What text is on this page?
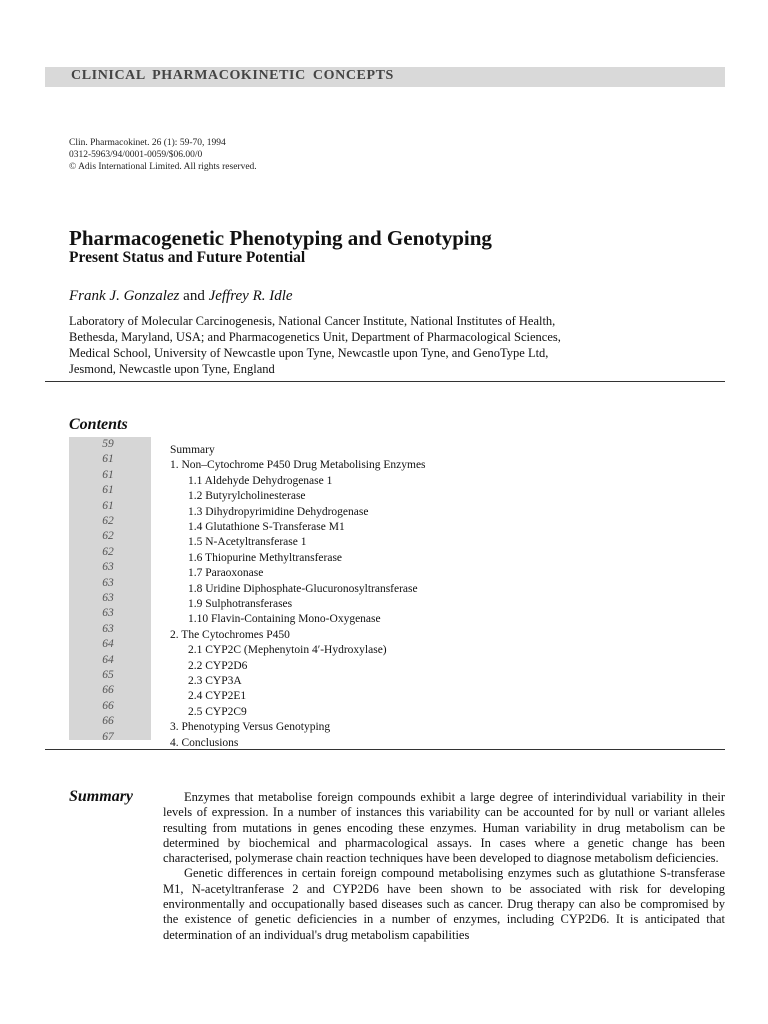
CLINICAL PHARMACOKINETIC CONCEPTS
Clin. Pharmacokinet. 26 (1): 59-70, 1994
0312-5963/94/0001-0059/$06.00/0
© Adis International Limited. All rights reserved.
Pharmacogenetic Phenotyping and Genotyping
Present Status and Future Potential
Frank J. Gonzalez and Jeffrey R. Idle
Laboratory of Molecular Carcinogenesis, National Cancer Institute, National Institutes of Health,
Bethesda, Maryland, USA; and Pharmacogenetics Unit, Department of Pharmacological Sciences,
Medical School, University of Newcastle upon Tyne, Newcastle upon Tyne, and GenoType Ltd,
Jesmond, Newcastle upon Tyne, England
Contents
59
61
61
61
61
62
62
62
63
63
63
63
63
64
64
65
66
66
66
67
Summary
1. Non–Cytochrome P450 Drug Metabolising Enzymes
1.1 Aldehyde Dehydrogenase 1
1.2 Butyrylcholinesterase
1.3 Dihydropyrimidine Dehydrogenase
1.4 Glutathione S-Transferase M1
1.5 N-Acetyltransferase 1
1.6 Thiopurine Methyltransferase
1.7 Paraoxonase
1.8 Uridine Diphosphate-Glucuronosyltransferase
1.9 Sulphotransferases
1.10 Flavin-Containing Mono-Oxygenase
2. The Cytochromes P450
2.1 CYP2C (Mephenytoin 4′-Hydroxylase)
2.2 CYP2D6
2.3 CYP3A
2.4 CYP2E1
2.5 CYP2C9
3. Phenotyping Versus Genotyping
4. Conclusions
Summary	Enzymes that metabolise foreign compounds exhibit a large degree of interindividual variability in their levels of expression. In a number of instances this variability can be accounted for by null or variant alleles resulting from mutations in genes encoding these enzymes. Human variability in drug metabolism can be determined by biochemical and pharmacological assays. In cases where a genetic change has been characterised, polymerase chain reaction techniques have been developed to diagnose metabolism deficiencies.

Genetic differences in certain foreign compound metabolising enzymes such as glutathione S-transferase M1, N-acetyltranferase 2 and CYP2D6 have been shown to be associated with risk for developing environmentally and occupationally based diseases such as cancer. Drug therapy can also be compromised by the existence of genetic deficiencies in a number of enzymes, including CYP2D6. It is anticipated that determination of an individual's drug metabolism capabilities
